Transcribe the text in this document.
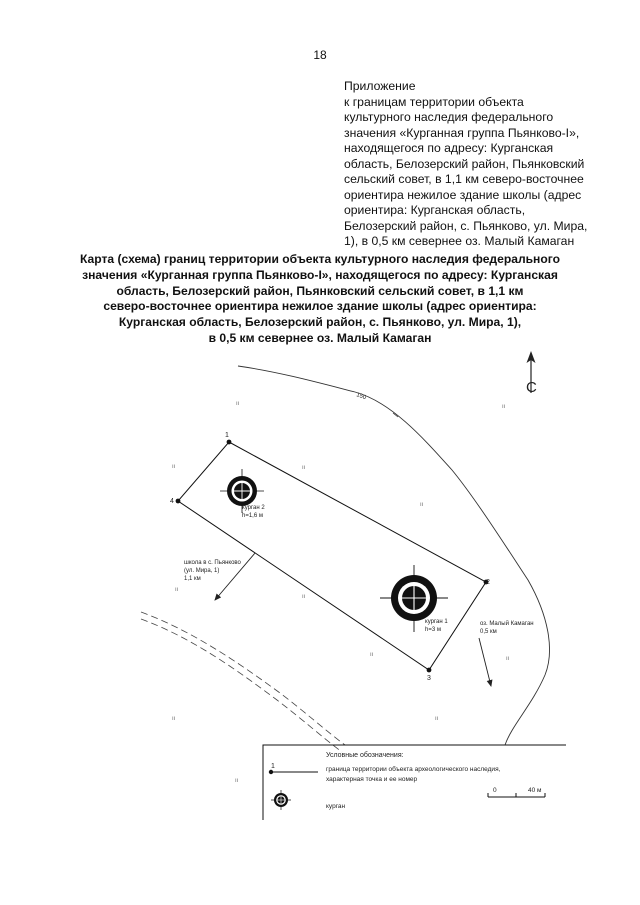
18
Приложение
к границам территории объекта
культурного наследия федерального
значения «Курганная группа Пьянково-I»,
находящегося по адресу: Курганская
область, Белозерский район, Пьянковский
сельский совет, в 1,1 км северо-восточнее
ориентира нежилое здание школы (адрес
ориентира: Курганская область,
Белозерский район, с. Пьянково, ул. Мира,
1), в 0,5 км севернее оз. Малый Камаган
Карта (схема) границ территории объекта культурного наследия федерального
значения «Курганная группа Пьянково-I», находящегося по адресу: Курганская
область, Белозерский район, Пьянковский сельский совет, в 1,1 км
северо-восточнее ориентира нежилое здание школы (адрес ориентира:
Курганская область, Белозерский район, с. Пьянково, ул. Мира, 1),
в 0,5 км севернее оз. Малый Камаган
С
150
1
2
3
4
курган 2
h=1,6 м
курган 1
h=3 м
школа в с. Пьянково
(ул. Мира, 1)
1,1 км
оз. Малый Камаган
0,5 км
ıı	ıı
ıı	ıı
ıı
ıı
ıı
ıı
ıı
ıı	ıı
ıı
Условные обозначения:
1	граница территории объекта археологического наследия,
характерная точка и ее номер
курган
0	40 м
